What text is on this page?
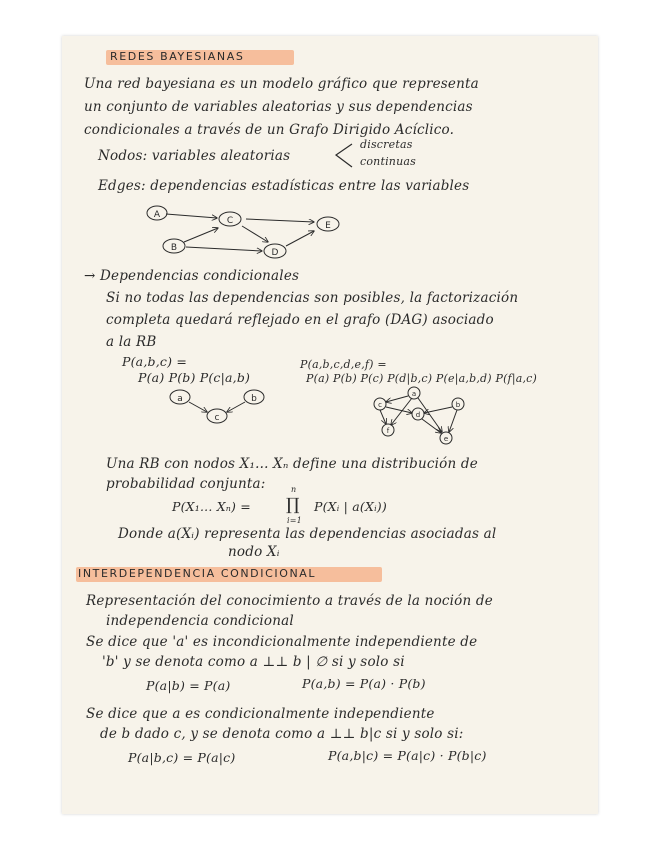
REDES BAYESIANAS
Una red bayesiana es un modelo gráfico que representa
un conjunto de variables aleatorias y sus dependencias
condicionales a través de un Grafo Dirigido Acíclico.
Nodos: variables aleatorias
discretas
continuas
Edges: dependencias estadísticas entre las variables
A
C	E
B	D
→ Dependencias condicionales
Si no todas las dependencias son posibles, la factorización
completa quedará reflejado en el grafo (DAG) asociado
a la RB
P(a,b,c) =
P(a) P(b) P(c|a,b)
P(a,b,c,d,e,f) =
P(a) P(b) P(c) P(d|b,c) P(e|a,b,d) P(f|a,c)
a	b
c
a
c	b
d
f
e
Una RB con nodos X₁... Xₙ define una distribución de
probabilidad conjunta:
P(X₁... Xₙ) =
n
∏
i=1
P(Xᵢ | a(Xᵢ))
Donde a(Xᵢ) representa las dependencias asociadas al
nodo Xᵢ
INTERDEPENDENCIA CONDICIONAL
Representación del conocimiento a través de la noción de
independencia condicional
Se dice que 'a' es incondicionalmente independiente de
'b' y se denota como a ⊥⊥ b | ∅ si y solo si
P(a|b) = P(a)	P(a,b) = P(a) · P(b)
Se dice que a es condicionalmente independiente
de b dado c, y se denota como a ⊥⊥ b|c si y solo si:
P(a|b,c) = P(a|c)	P(a,b|c) = P(a|c) · P(b|c)
